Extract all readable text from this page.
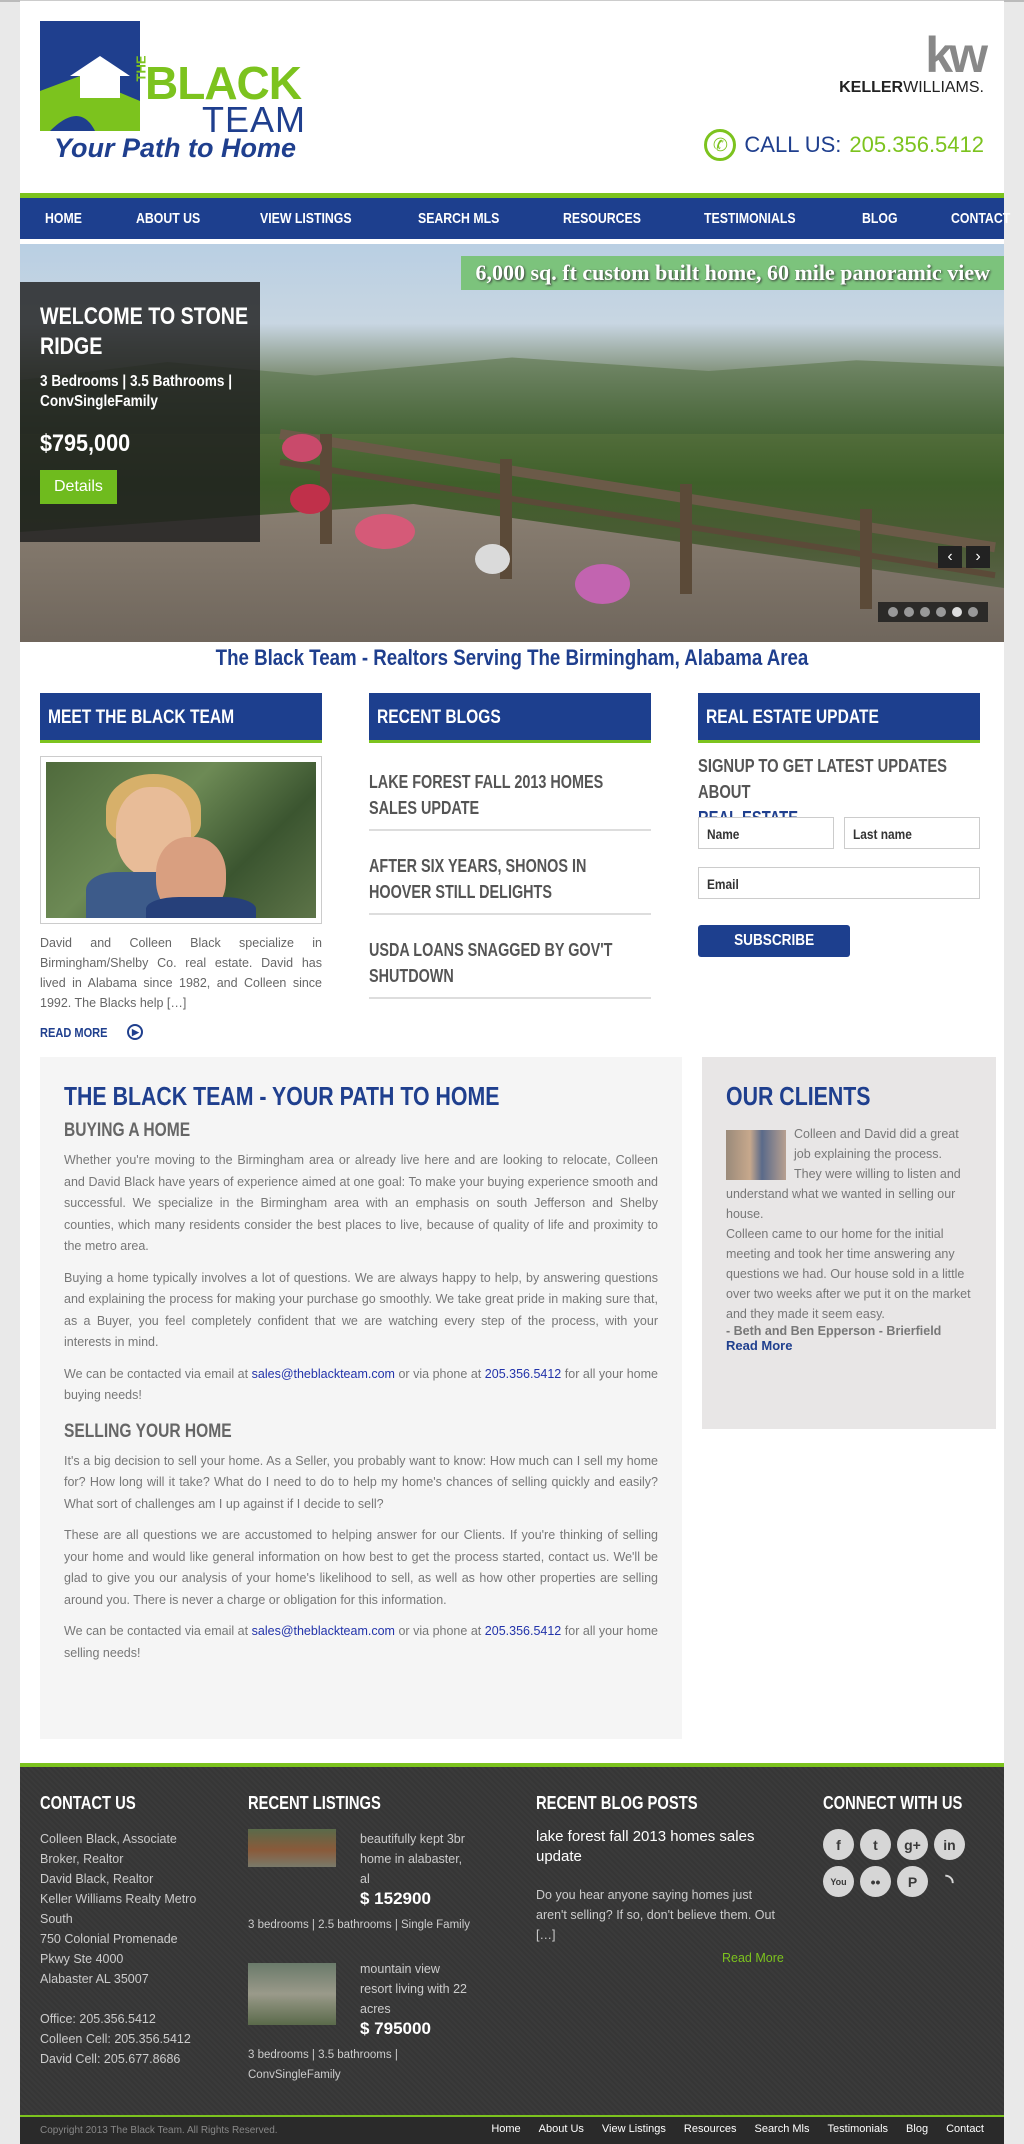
THE
BLACK
TEAM
Your Path to Home
kw
KELLERWILLIAMS.
✆ CALL US: 205.356.5412
HOME	ABOUT US	VIEW LISTINGS	SEARCH MLS	RESOURCES	TESTIMONIALS	BLOG	CONTACT
6,000 sq. ft custom built home, 60 mile panoramic view
WELCOME TO STONE RIDGE
3 Bedrooms | 3.5 Bathrooms | ConvSingleFamily
$795,000
Details
‹	›
The Black Team - Realtors Serving The Birmingham, Alabama Area
MEET THE BLACK TEAM
David and Colleen Black specialize in Birmingham/Shelby Co. real estate. David has lived in Alabama since 1982, and Colleen since 1992. The Blacks help […]
READ MORE	▶
RECENT BLOGS
LAKE FOREST FALL 2013 HOMES SALES UPDATE
AFTER SIX YEARS, SHONOS IN HOOVER STILL DELIGHTS
USDA LOANS SNAGGED BY GOV'T SHUTDOWN
REAL ESTATE UPDATE
SIGNUP TO GET LATEST UPDATES ABOUT

Name	Last name
Email
SUBSCRIBE
THE BLACK TEAM - YOUR PATH TO HOME
BUYING A HOME

Whether you're moving to the Birmingham area or already live here and are looking to relocate, Colleen and David Black have years of experience aimed at one goal: To make your buying experience smooth and successful. We specialize in the Birmingham area with an emphasis on south Jefferson and Shelby counties, which many residents consider the best places to live, because of quality of life and proximity to the metro area.

Buying a home typically involves a lot of questions. We are always happy to help, by answering questions and explaining the process for making your purchase go smoothly. We take great pride in making sure that, as a Buyer, you feel completely confident that we are watching every step of the process, with your interests in mind.

We can be contacted via email at sales@theblackteam.com or via phone at 205.356.5412 for all your home buying needs!

SELLING YOUR HOME

It's a big decision to sell your home. As a Seller, you probably want to know: How much can I sell my home for? How long will it take? What do I need to do to help my home's chances of selling quickly and easily? What sort of challenges am I up against if I decide to sell?

These are all questions we are accustomed to helping answer for our Clients. If you're thinking of selling your home and would like general information on how best to get the process started, contact us. We'll be glad to give you our analysis of your home's likelihood to sell, as well as how other properties are selling around you. There is never a charge or obligation for this information.

We can be contacted via email at sales@theblackteam.com or via phone at 205.356.5412 for all your home selling needs!

OUR CLIENTS
Colleen and David did a great job explaining the process. They were willing to listen and understand what we wanted in selling our house.
Colleen came to our home for the initial meeting and took her time answering any questions we had. Our house sold in a little over two weeks after we put it on the market and they made it seem easy.
- Beth and Ben Epperson - Brierfield
Read More
CONTACT US
Colleen Black, Associate Broker, Realtor
David Black, Realtor
Keller Williams Realty Metro South
750 Colonial Promenade Pkwy Ste 4000
Alabaster AL 35007
Office: 205.356.5412
Colleen Cell: 205.356.5412
David Cell: 205.677.8686
RECENT LISTINGS
beautifully kept 3br home in alabaster, al
$ 152900
3 bedrooms | 2.5 bathrooms | Single Family
mountain view resort living with 22 acres
$ 795000
3 bedrooms | 3.5 bathrooms | ConvSingleFamily
RECENT BLOG POSTS
lake forest fall 2013 homes sales update
Do you hear anyone saying homes just aren't selling? If so, don't believe them. Out […]
Read More
CONNECT WITH US
f	t	g+	in
You	••	P	◝
Copyright 2013 The Black Team. All Rights Reserved.	Home About Us View Listings Resources Search Mls Testimonials Blog Contact
